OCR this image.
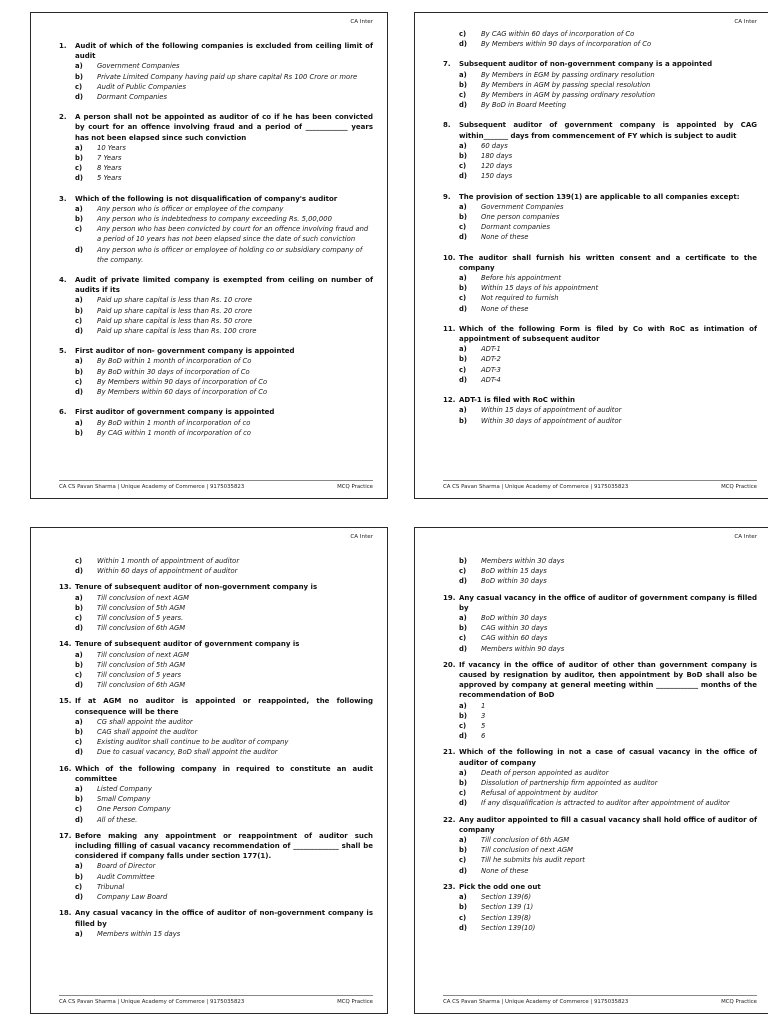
CA Inter
1.	Audit of which of the following companies is excluded from ceiling limit of audit
a)	Government Companies
b)	Private Limited Company having paid up share capital Rs 100 Crore or more
c)	Audit of Public Companies
d)	Dormant Companies
2.	A person shall not be appointed as auditor of co if he has been convicted by court for an offence involving fraud and a period of ____________ years has not been elapsed since such conviction
a)	10 Years
b)	7 Years
c)	8 Years
d)	5 Years
3.	Which of the following is not disqualification of company's auditor
a)	Any person who is officer or employee of the company
b)	Any person who is indebtedness to company exceeding Rs. 5,00,000
c)	Any person who has been convicted by court for an offence involving fraud and a period of 10 years has not been elapsed since the date of such conviction
d)	Any person who is officer or employee of holding co or subsidiary company of the company.
4.	Audit of private limited company is exempted from ceiling on number of audits if its
a)	Paid up share capital is less than Rs. 10 crore
b)	Paid up share capital is less than Rs. 20 crore
c)	Paid up share capital is less than Rs. 50 crore
d)	Paid up share capital is less than Rs. 100 crore
5.	First auditor of non- government company is appointed
a)	By BoD within 1 month of incorporation of Co
b)	By BoD within 30 days of incorporation of Co
c)	By Members within 90 days of incorporation of Co
d)	By Members within 60 days of incorporation of Co
6.	First auditor of government company is appointed
a)	By BoD within 1 month of incorporation of co
b)	By CAG within 1 month of incorporation of co
CA CS Pavan Sharma | Unique Academy of Commerce | 9175035823	MCQ Practice
CA Inter
c)	By CAG within 60 days of incorporation of Co
d)	By Members within 90 days of incorporation of Co
7.	Subsequent auditor of non-government company is a appointed
a)	By Members in EGM by passing ordinary resolution
b)	By Members in AGM by passing special resolution
c)	By Members in AGM by passing ordinary resolution
d)	By BoD in Board Meeting
8.	Subsequent auditor of government company is appointed by CAG within_______ days from commencement of FY which is subject to audit
a)	60 days
b)	180 days
c)	120 days
d)	150 days
9.	The provision of section 139(1) are applicable to all companies except:
a)	Government Companies
b)	One person companies
c)	Dormant companies
d)	None of these
10. The auditor shall furnish his written consent and a certificate to the company
a)	Before his appointment
b)	Within 15 days of his appointment
c)	Not required to furnish
d)	None of these
11. Which of the following Form is filed by Co with RoC as intimation of appointment of subsequent auditor
a)	ADT-1
b)	ADT-2
c)	ADT-3
d)	ADT-4
12. ADT-1 is filed with RoC within
a)	Within 15 days of appointment of auditor
b)	Within 30 days of appointment of auditor
CA CS Pavan Sharma | Unique Academy of Commerce | 9175035823	MCQ Practice
CA Inter
c)	Within 1 month of appointment of auditor
d)	Within 60 days of appointment of auditor
13. Tenure of subsequent auditor of non-government company is
a)	Till conclusion of next AGM
b)	Till conclusion of 5th AGM
c)	Till conclusion of 5 years.
d)	Till conclusion of 6th AGM
14. Tenure of subsequent auditor of government company is
a)	Till conclusion of next AGM
b)	Till conclusion of 5th AGM
c)	Till conclusion of 5 years
d)	Till conclusion of 6th AGM
15. If at AGM no auditor is appointed or reappointed, the following consequence will be there
a)	CG shall appoint the auditor
b)	CAG shall appoint the auditor
c)	Existing auditor shall continue to be auditor of company
d)	Due to casual vacancy, BoD shall appoint the auditor
16. Which of the following company in required to constitute an audit committee
a)	Listed Company
b)	Small Company
c)	One Person Company
d)	All of these.
17. Before making any appointment or reappointment of auditor such including filling of casual vacancy recommendation of _____________ shall be considered if company falls under section 177(1).
a)	Board of Director
b)	Audit Committee
c)	Tribunal
d)	Company Law Board
18. Any casual vacancy in the office of auditor of non-government company is filled by
a)	Members within 15 days
CA CS Pavan Sharma | Unique Academy of Commerce | 9175035823	MCQ Practice
CA Inter
b)	Members within 30 days
c)	BoD within 15 days
d)	BoD within 30 days
19. Any casual vacancy in the office of auditor of government company is filled by
a)	BoD within 30 days
b)	CAG within 30 days
c)	CAG within 60 days
d)	Members within 90 days
20. If vacancy in the office of auditor of other than government company is caused by resignation by auditor, then appointment by BoD shall also be approved by company at general meeting within ____________ months of the recommendation of BoD
a)	1
b)	3
c)	5
d)	6
21. Which of the following in not a case of casual vacancy in the office of auditor of company
a)	Death of person appointed as auditor
b)	Dissolution of partnership firm appointed as auditor
c)	Refusal of appointment by auditor
d)	If any disqualification is attracted to auditor after appointment of auditor
22. Any auditor appointed to fill a casual vacancy shall hold office of auditor of company
a)	Till conclusion of 6th AGM
b)	Till conclusion of next AGM
c)	Till he submits his audit report
d)	None of these
23. Pick the odd one out
a)	Section 139(6)
b)	Section 139 (1)
c)	Section 139(8)
d)	Section 139(10)
CA CS Pavan Sharma | Unique Academy of Commerce | 9175035823	MCQ Practice
